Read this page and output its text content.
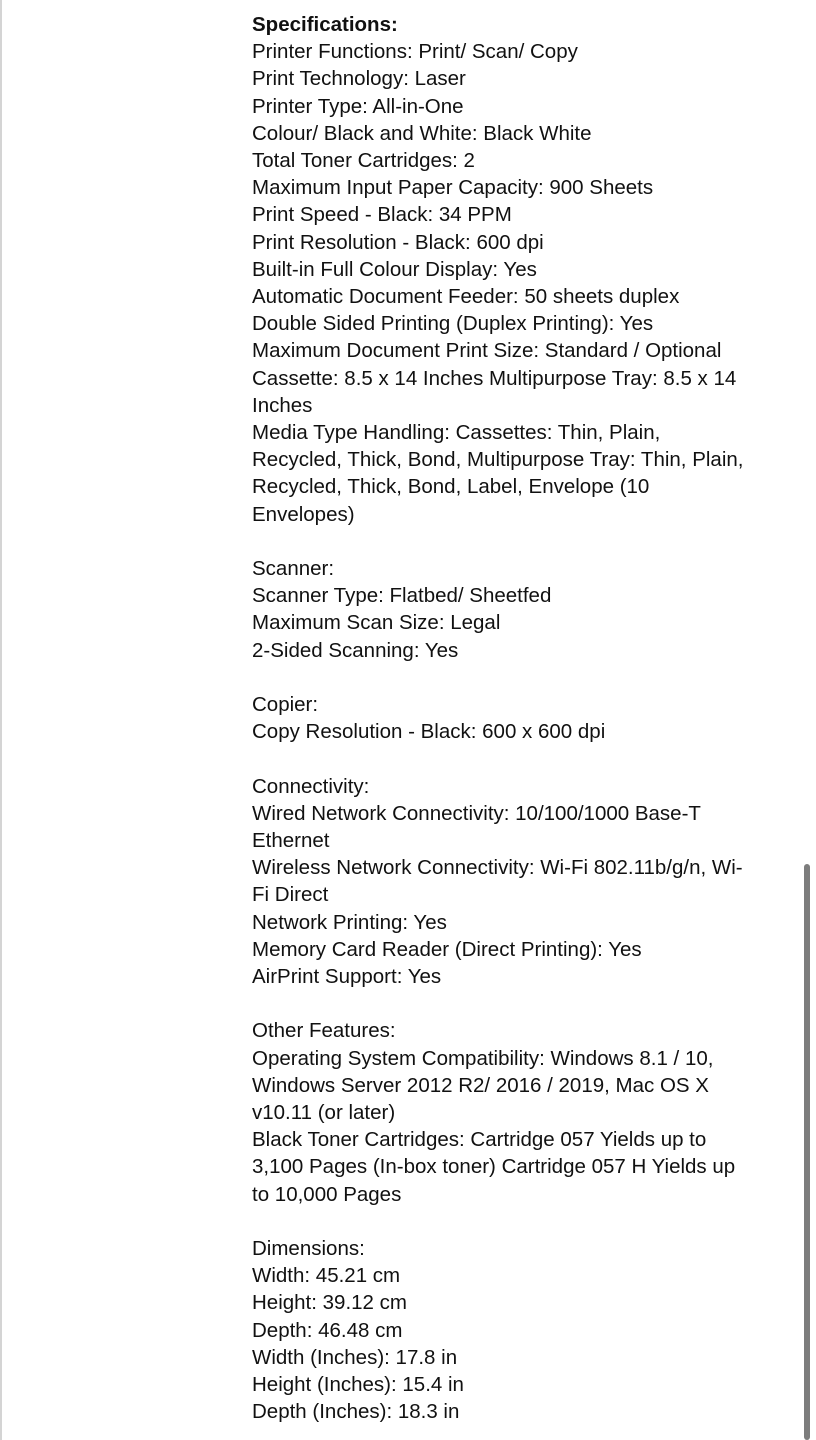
Specifications:

Printer Functions: Print/ Scan/ Copy

Print Technology: Laser

Printer Type: All-in-One

Colour/ Black and White: Black White

Total Toner Cartridges: 2

Maximum Input Paper Capacity: 900 Sheets

Print Speed - Black: 34 PPM

Print Resolution - Black: 600 dpi

Built-in Full Colour Display: Yes

Automatic Document Feeder: 50 sheets duplex

Double Sided Printing (Duplex Printing): Yes

Maximum Document Print Size: Standard / Optional Cassette: 8.5 x 14 Inches Multipurpose Tray: 8.5 x 14 Inches

Media Type Handling: Cassettes: Thin, Plain, Recycled, Thick, Bond, Multipurpose Tray: Thin, Plain, Recycled, Thick, Bond, Label, Envelope (10 Envelopes)

Scanner:

Scanner Type: Flatbed/ Sheetfed

Maximum Scan Size: Legal

2-Sided Scanning: Yes

Copier:

Copy Resolution - Black: 600 x 600 dpi

Connectivity:

Wired Network Connectivity: 10/100/1000 Base-T Ethernet

Wireless Network Connectivity: Wi-Fi 802.11b/g/n, Wi-Fi Direct

Network Printing: Yes

Memory Card Reader (Direct Printing): Yes

AirPrint Support: Yes

Other Features:

Operating System Compatibility: Windows 8.1 / 10, Windows Server 2012 R2/ 2016 / 2019, Mac OS X v10.11 (or later)

Black Toner Cartridges: Cartridge 057 Yields up to 3,100 Pages (In-box toner) Cartridge 057 H Yields up to 10,000 Pages

Dimensions:

Width: 45.21 cm

Height: 39.12 cm

Depth: 46.48 cm

Width (Inches): 17.8 in

Height (Inches): 15.4 in

Depth (Inches): 18.3 in
